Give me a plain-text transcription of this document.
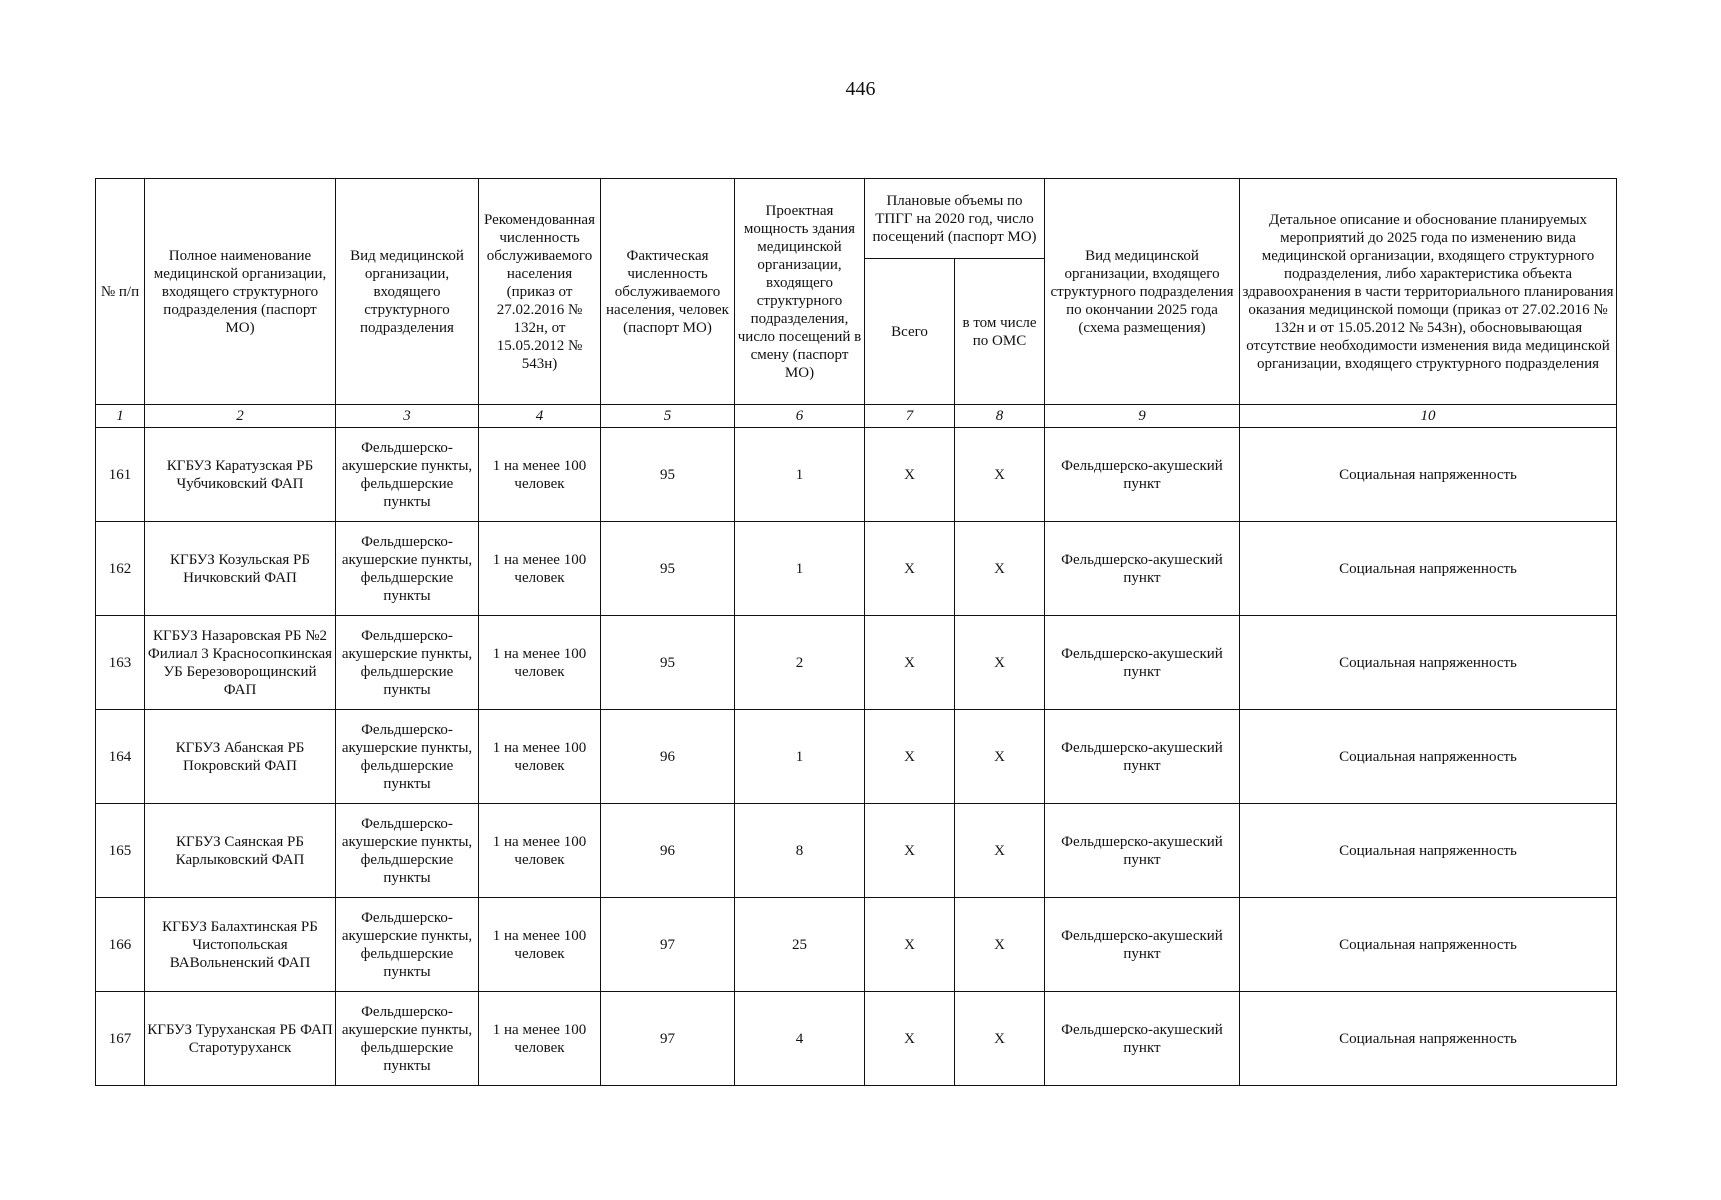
446
№ п/п	Полное наименование медицинской организации, входящего структурного подразделения (паспорт МО)	Вид медицинской организации, входящего структурного подразделения	Рекомендованная численность обслуживаемого населения (приказ от 27.02.2016 № 132н, от 15.05.2012 № 543н)	Фактическая численность обслуживаемого населения, человек (паспорт МО)	Проектная мощность здания медицинской организации, входящего структурного подразделения, число посещений в смену (паспорт МО)	Плановые объемы по ТПГГ на 2020 год, число посещений (паспорт МО)		Вид медицинской организации, входящего структурного подразделения по окончании 2025 года (схема размещения)	Детальное описание и обоснование планируемых мероприятий до 2025 года по изменению вида медицинской организации, входящего структурного подразделения, либо характеристика объекта здравоохранения в части территориального планирования оказания медицинской помощи (приказ от 27.02.2016 № 132н и от 15.05.2012 № 543н), обосновывающая отсутствие необходимости изменения вида медицинской организации, входящего структурного подразделения
						Всего	в том числе по ОМС		
1	2	3	4	5	6	7	8	9	10
161	КГБУЗ Каратузская РБ Чубчиковский ФАП	Фельдшерско-акушерские пункты, фельдшерские пункты	1 на менее 100 человек	95	1	X	X	Фельдшерско-акушеский пункт	Социальная напряженность
162	КГБУЗ Козульская РБ Ничковский ФАП	Фельдшерско-акушерские пункты, фельдшерские пункты	1 на менее 100 человек	95	1	X	X	Фельдшерско-акушеский пункт	Социальная напряженность
163	КГБУЗ Назаровская РБ №2 Филиал 3 Красносопкинская УБ Березоворощинский ФАП	Фельдшерско-акушерские пункты, фельдшерские пункты	1 на менее 100 человек	95	2	X	X	Фельдшерско-акушеский пункт	Социальная напряженность
164	КГБУЗ Абанская РБ Покровский ФАП	Фельдшерско-акушерские пункты, фельдшерские пункты	1 на менее 100 человек	96	1	X	X	Фельдшерско-акушеский пункт	Социальная напряженность
165	КГБУЗ Саянская РБ Карлыковский ФАП	Фельдшерско-акушерские пункты, фельдшерские пункты	1 на менее 100 человек	96	8	X	X	Фельдшерско-акушеский пункт	Социальная напряженность
166	КГБУЗ Балахтинская РБ Чистопольская ВАВольненский ФАП	Фельдшерско-акушерские пункты, фельдшерские пункты	1 на менее 100 человек	97	25	X	X	Фельдшерско-акушеский пункт	Социальная напряженность
167	КГБУЗ Туруханская РБ ФАП Старотуруханск	Фельдшерско-акушерские пункты, фельдшерские пункты	1 на менее 100 человек	97	4	X	X	Фельдшерско-акушеский пункт	Социальная напряженность
